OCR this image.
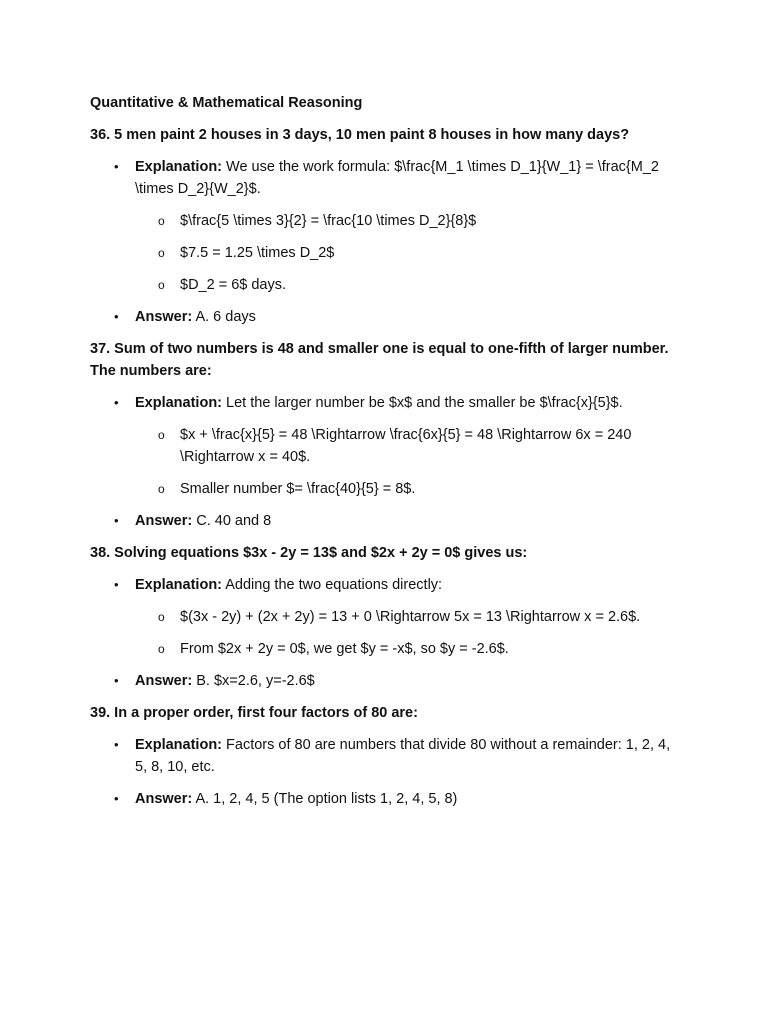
Quantitative & Mathematical Reasoning
36. 5 men paint 2 houses in 3 days, 10 men paint 8 houses in how many days?
• Explanation: We use the work formula: $\frac{M_1 \times D_1}{W_1} = \frac{M_2 \times D_2}{W_2}$.
o $\frac{5 \times 3}{2} = \frac{10 \times D_2}{8}$
o $7.5 = 1.25 \times D_2$
o $D_2 = 6$ days.
• Answer: A. 6 days
37. Sum of two numbers is 48 and smaller one is equal to one-fifth of larger number. The numbers are:
• Explanation: Let the larger number be $x$ and the smaller be $\frac{x}{5}$.
o $x + \frac{x}{5} = 48 \Rightarrow \frac{6x}{5} = 48 \Rightarrow 6x = 240 \Rightarrow x = 40$.
o Smaller number $= \frac{40}{5} = 8$.
• Answer: C. 40 and 8
38. Solving equations $3x - 2y = 13$ and $2x + 2y = 0$ gives us:
• Explanation: Adding the two equations directly:
o $(3x - 2y) + (2x + 2y) = 13 + 0 \Rightarrow 5x = 13 \Rightarrow x = 2.6$.
o From $2x + 2y = 0$, we get $y = -x$, so $y = -2.6$.
• Answer: B. $x=2.6, y=-2.6$
39. In a proper order, first four factors of 80 are:
• Explanation: Factors of 80 are numbers that divide 80 without a remainder: 1, 2, 4, 5, 8, 10, etc.
• Answer: A. 1, 2, 4, 5 (The option lists 1, 2, 4, 5, 8)
